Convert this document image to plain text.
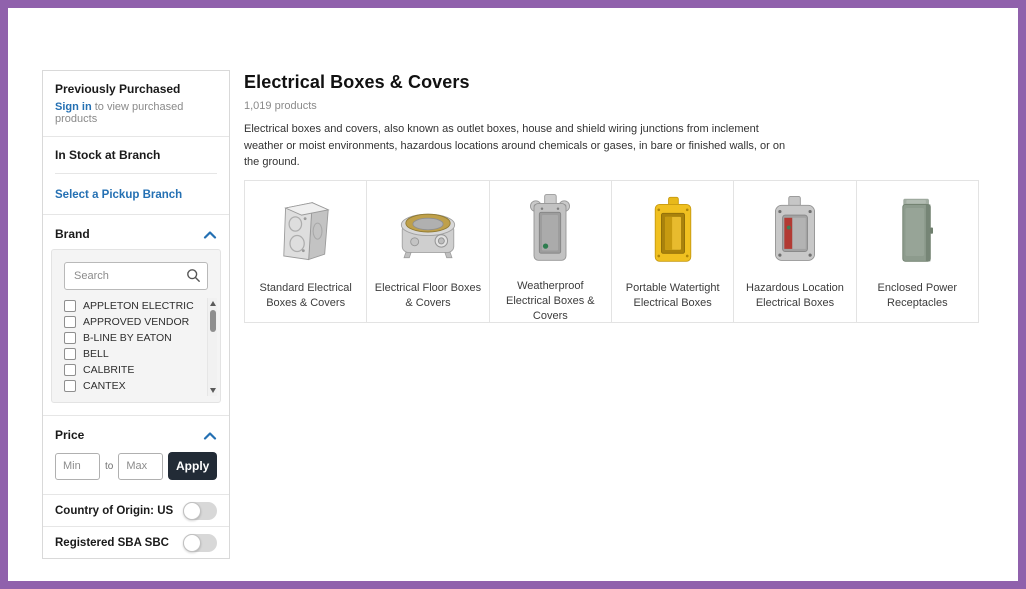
Previously Purchased
Sign in to view purchased products
In Stock at Branch
Select a Pickup Branch
Brand
Search
APPLETON ELECTRIC
APPROVED VENDOR
B-LINE BY EATON
BELL
CALBRITE
CANTEX
Price
Min
to
Max	Apply
Country of Origin: US
Registered SBA SBC
Electrical Boxes & Covers
1,019 products

Electrical boxes and covers, also known as outlet boxes, house and shield wiring junctions from inclement weather or moist environments, hazardous locations around chemicals or gases, in bare or finished walls, or on the ground.

Standard Electrical Boxes & Covers
Electrical Floor Boxes & Covers
Weatherproof Electrical Boxes & Covers
Portable Watertight Electrical Boxes
Hazardous Location Electrical Boxes
Enclosed Power Receptacles
